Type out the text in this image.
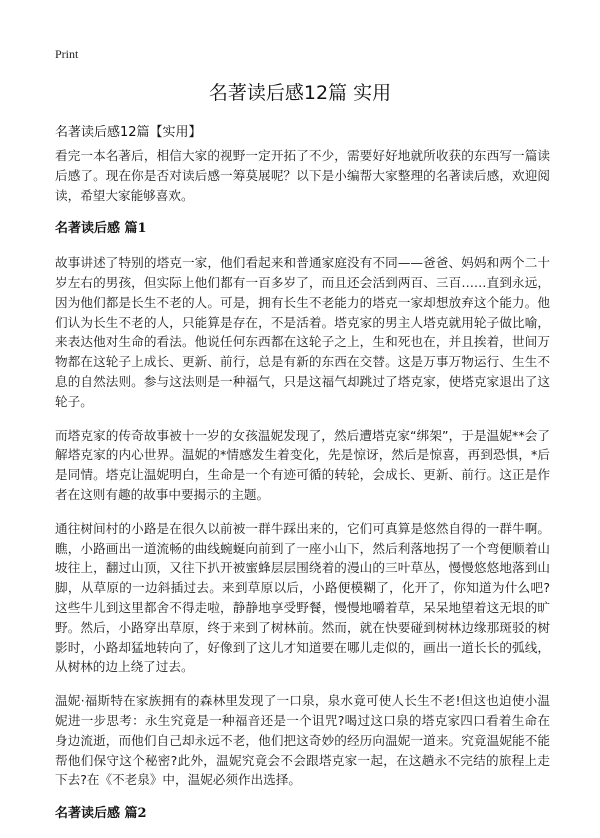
Print
名著读后感12篇 实用
名著读后感12篇【实用】

看完一本名著后，相信大家的视野一定开拓了不少，需要好好地就所收获的东西写一篇读后感了。现在你是否对读后感一筹莫展呢？以下是小编帮大家整理的名著读后感，欢迎阅读，希望大家能够喜欢。

名著读后感 篇1

故事讲述了特别的塔克一家，他们看起来和普通家庭没有不同——爸爸、妈妈和两个二十岁左右的男孩，但实际上他们都有一百多岁了，而且还会活到两百、三百……直到永远，因为他们都是长生不老的人。可是，拥有长生不老能力的塔克一家却想放弃这个能力。他们认为长生不老的人，只能算是存在，不是活着。塔克家的男主人塔克就用轮子做比喻，来表达他对生命的看法。他说任何东西都在这轮子之上，生和死也在，并且挨着，世间万物都在这轮子上成长、更新、前行，总是有新的东西在交替。这是万事万物运行、生生不息的自然法则。参与这法则是一种福气，只是这福气却跳过了塔克家，使塔克家退出了这轮子。

而塔克家的传奇故事被十一岁的女孩温妮发现了，然后遭塔克家“绑架”，于是温妮**会了解塔克家的内心世界。温妮的*情感发生着变化，先是惊讶，然后是惊喜，再到恐惧，*后是同情。塔克让温妮明白，生命是一个有迹可循的转轮，会成长、更新、前行。这正是作者在这则有趣的故事中要揭示的主题。

通往树间村的小路是在很久以前被一群牛踩出来的，它们可真算是悠然自得的一群牛啊。瞧，小路画出一道流畅的曲线蜿蜒向前到了一座小山下，然后利落地拐了一个弯便顺着山坡往上，翻过山顶，又往下扒开被蜜蜂层层围绕着的漫山的三叶草丛，慢慢悠悠地落到山脚，从草原的一边斜插过去。来到草原以后，小路便模糊了，化开了，你知道为什么吧?这些牛儿到这里都舍不得走啦，静静地享受野餐，慢慢地嚼着草，呆呆地望着这无垠的旷野。然后，小路穿出草原，终于来到了树林前。然而，就在快要碰到树林边缘那斑驳的树影时，小路却猛地转向了，好像到了这儿才知道要在哪儿走似的，画出一道长长的弧线，从树林的边上绕了过去。

温妮·福斯特在家族拥有的森林里发现了一口泉，泉水竟可使人长生不老!但这也迫使小温妮进一步思考：永生究竟是一种福音还是一个诅咒?喝过这口泉的塔克家四口看着生命在身边流逝，而他们自己却永远不老，他们把这奇妙的经历向温妮一道来。究竟温妮能不能帮他们保守这个秘密?此外，温妮究竟会不会跟塔克家一起，在这趟永不完结的旅程上走下去?在《不老泉》中，温妮必须作出选择。

名著读后感 篇2
